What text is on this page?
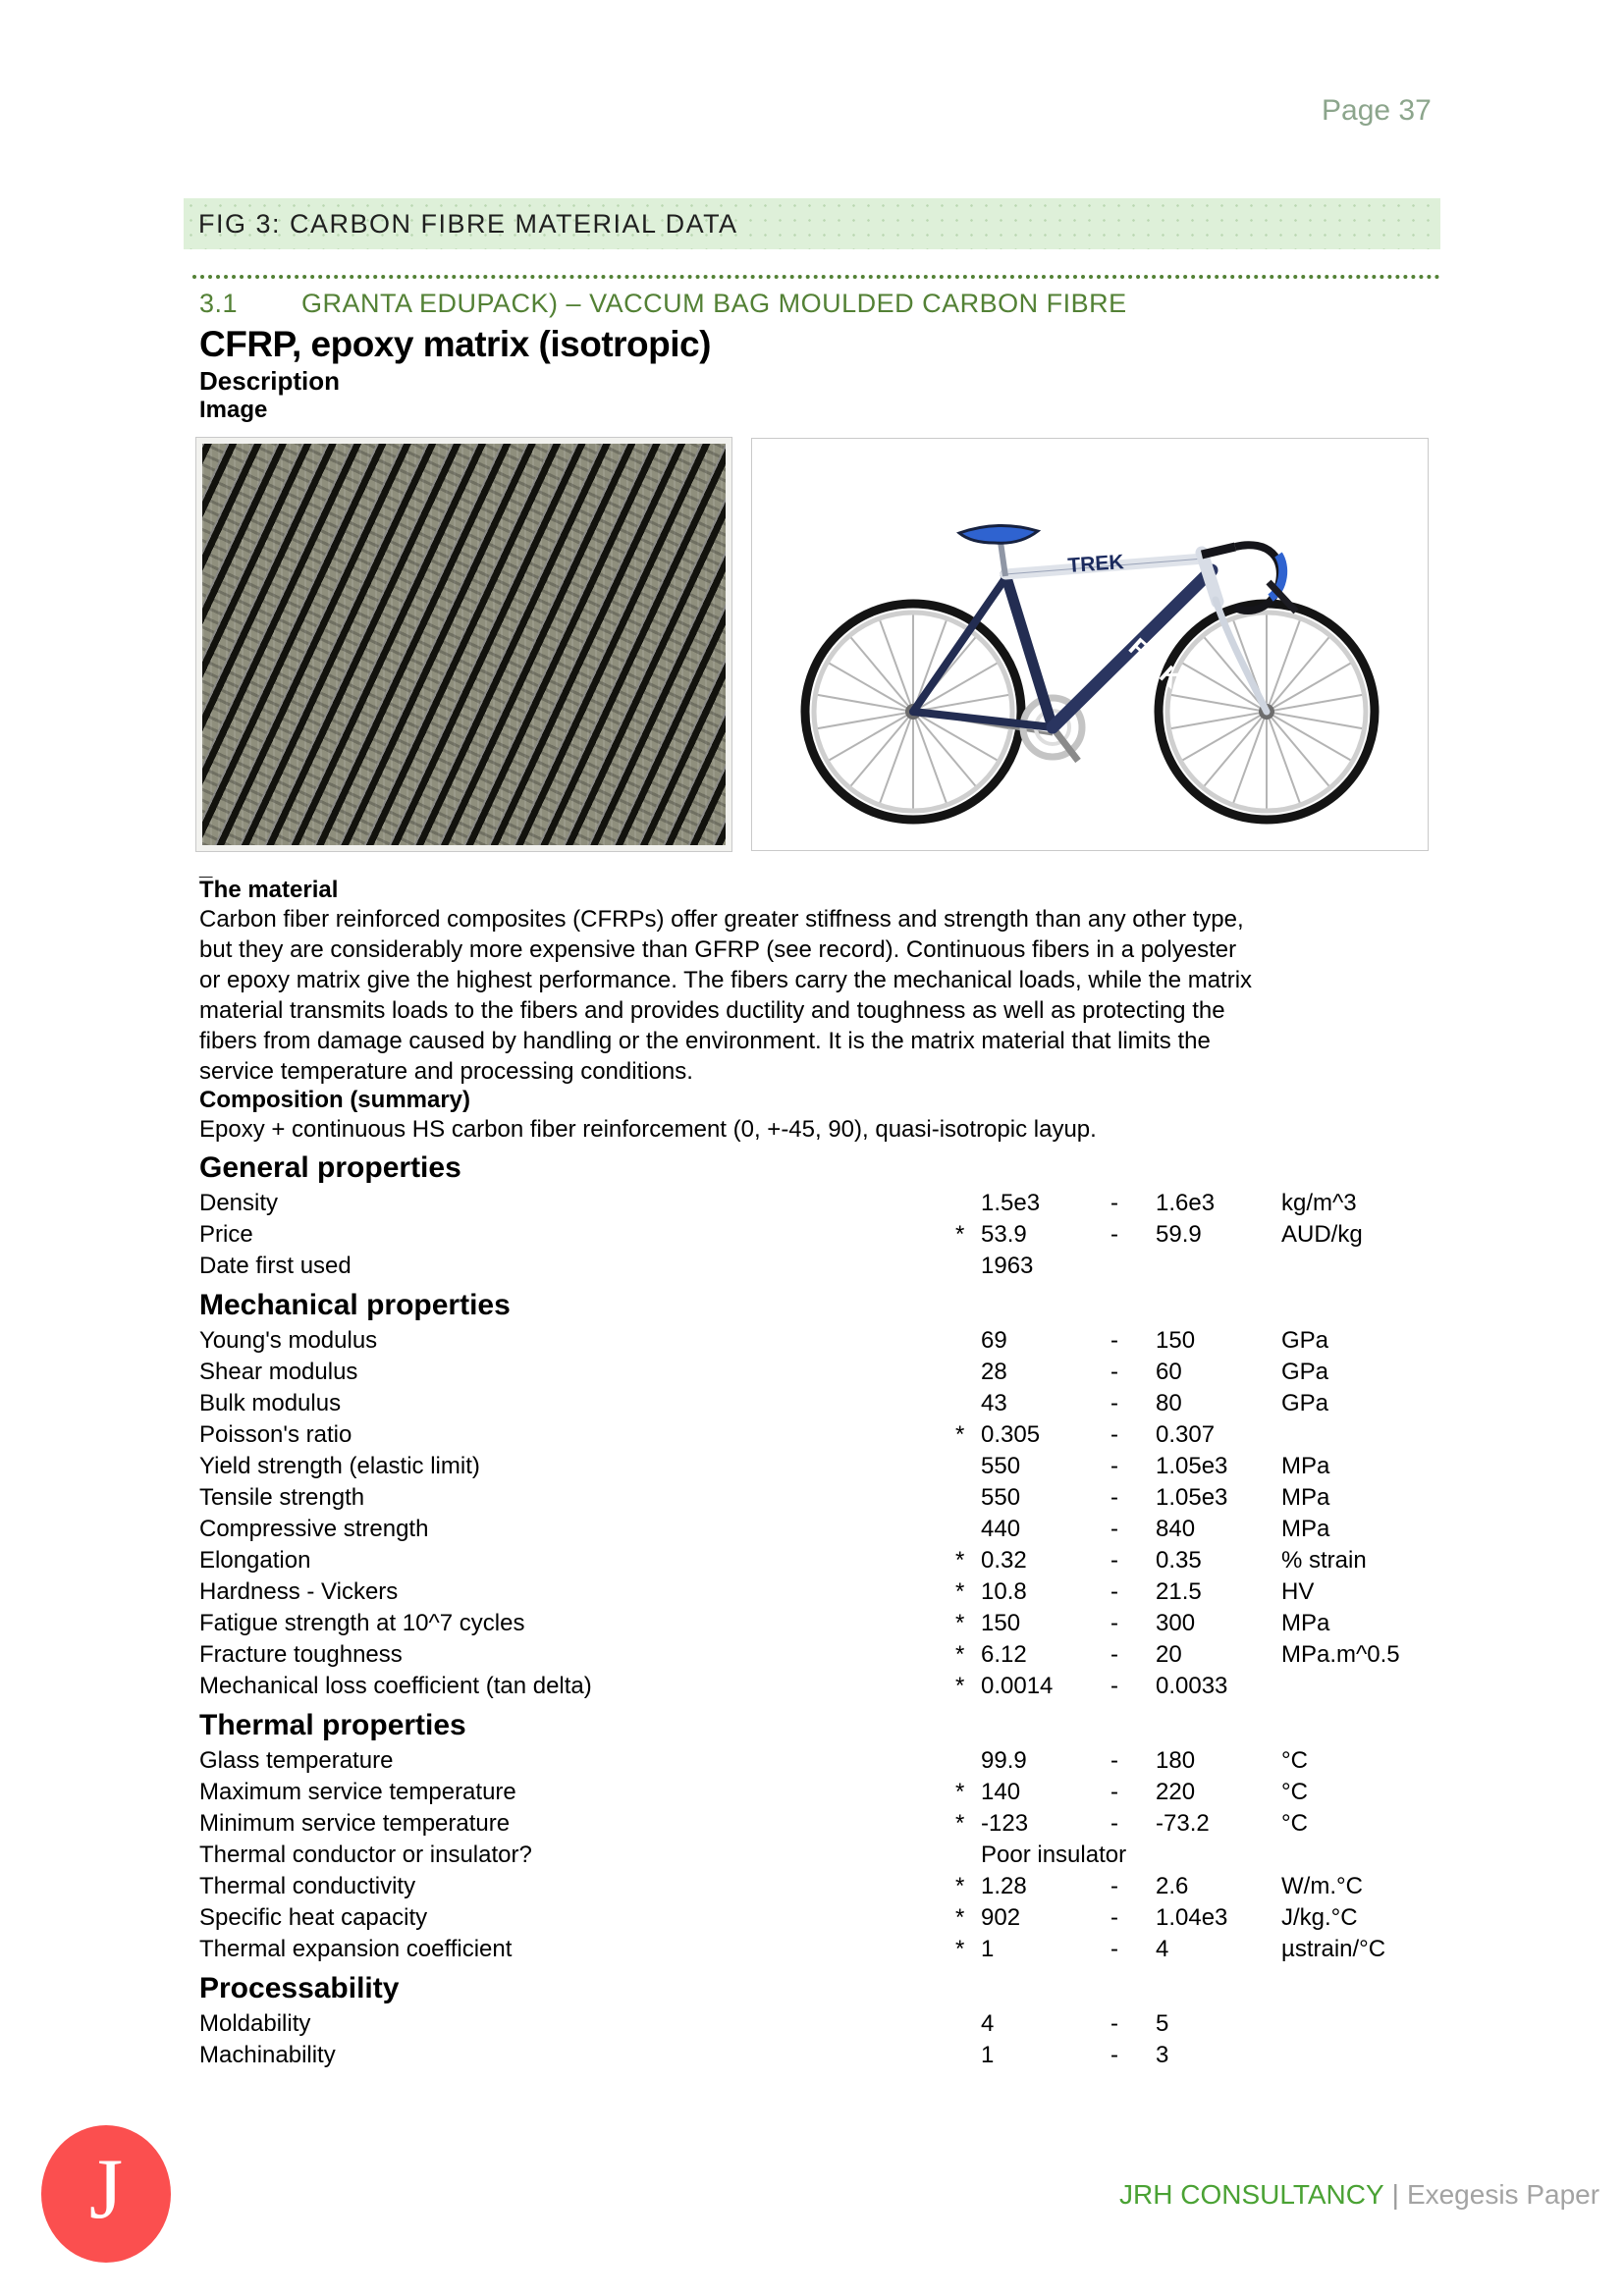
Page 37
FIG 3: CARBON FIBRE MATERIAL DATA
3.1 GRANTA EDUPACK) – VACCUM BAG MOULDED CARBON FIBRE
CFRP, epoxy matrix (isotropic)
Description
Image
TREK
TREK
_
The material
Carbon fiber reinforced composites (CFRPs) offer greater stiffness and strength than any other type,
but they are considerably more expensive than GFRP (see record). Continuous fibers in a polyester
or epoxy matrix give the highest performance. The fibers carry the mechanical loads, while the matrix
material transmits loads to the fibers and provides ductility and toughness as well as protecting the
fibers from damage caused by handling or the environment. It is the matrix material that limits the
service temperature and processing conditions.
Composition (summary)
Epoxy + continuous HS carbon fiber reinforcement (0, +-45, 90), quasi-isotropic layup.
General properties
Density	1.5e3	-	1.6e3	kg/m^3
Price	* 53.9	-	59.9	AUD/kg
Date first used	1963
Mechanical properties
Young's modulus	69	-	150	GPa
Shear modulus	28	-	60	GPa
Bulk modulus	43	-	80	GPa
Poisson's ratio	* 0.305	-	0.307
Yield strength (elastic limit)	550	-	1.05e3	MPa
Tensile strength	550	-	1.05e3	MPa
Compressive strength	440	-	840	MPa
Elongation	* 0.32	-	0.35	% strain
Hardness - Vickers	* 10.8	-	21.5	HV
Fatigue strength at 10^7 cycles	* 150	-	300	MPa
Fracture toughness	* 6.12	-	20	MPa.m^0.5
Mechanical loss coefficient (tan delta)	* 0.0014	-	0.0033
Thermal properties
Glass temperature	99.9	-	180	°C
Maximum service temperature	* 140	-	220	°C
Minimum service temperature	* -123	-	-73.2	°C
Thermal conductor or insulator?	Poor insulator
Thermal conductivity	* 1.28	-	2.6	W/m.°C
Specific heat capacity	* 902	-	1.04e3	J/kg.°C
Thermal expansion coefficient	* 1	-	4	µstrain/°C
Processability
Moldability	4	-	5
Machinability	1	-	3
J	JRH CONSULTANCY | Exegesis Paper
